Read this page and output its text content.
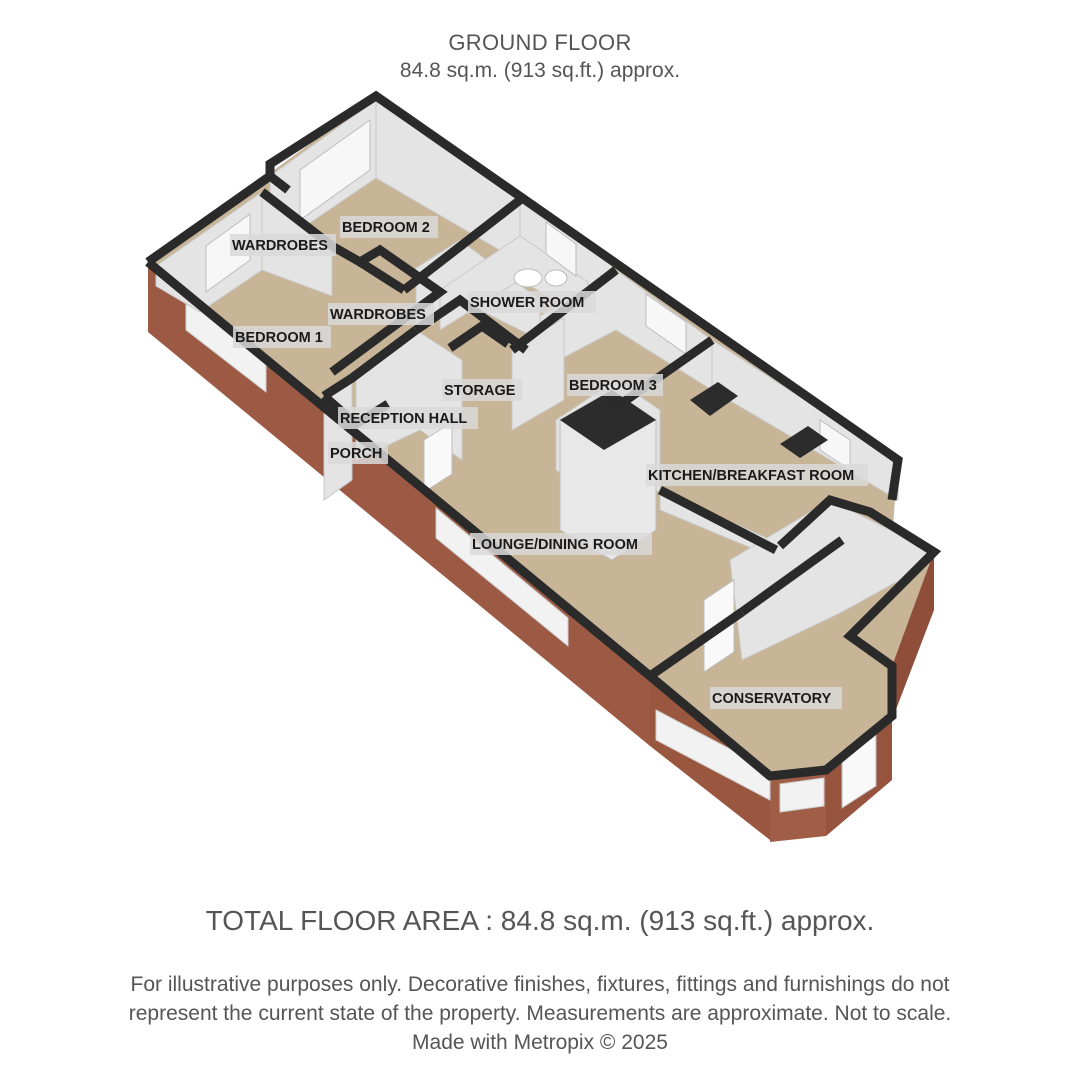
GROUND FLOOR
84.8 sq.m. (913 sq.ft.) approx.
BEDROOM 2
WARDROBES
WARDROBES
BEDROOM 1
SHOWER ROOM
BEDROOM 3
STORAGE
RECEPTION HALL
PORCH
KITCHEN/BREAKFAST ROOM
LOUNGE/DINING ROOM
CONSERVATORY
TOTAL FLOOR AREA : 84.8 sq.m. (913 sq.ft.) approx.
For illustrative purposes only. Decorative finishes, fixtures, fittings and furnishings do not
represent the current state of the property. Measurements are approximate. Not to scale.
Made with Metropix © 2025
